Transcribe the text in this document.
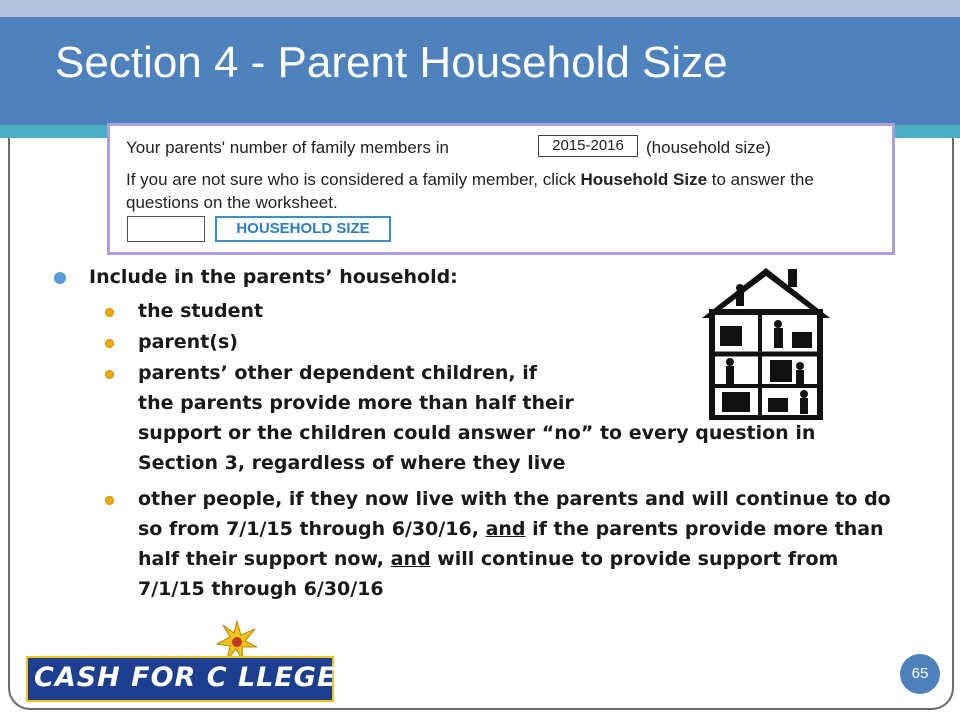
Section 4 - Parent Household Size
Your parents' number of family members in	2015-2016	(household size)
If you are not sure who is considered a family member, click Household Size to answer the questions on the worksheet.
HOUSEHOLD SIZE
Include in the parents’ household:
the student
parent(s)
parents’ other dependent children, if
the parents provide more than half their
support or the children could answer “no” to every question in
Section 3, regardless of where they live
other people, if they now live with the parents and will continue to do so from 7/1/15 through 6/30/16, and if the parents provide more than half their support now, and will continue to provide support from 7/1/15 through 6/30/16
CASH FOR C LLEGE	65
